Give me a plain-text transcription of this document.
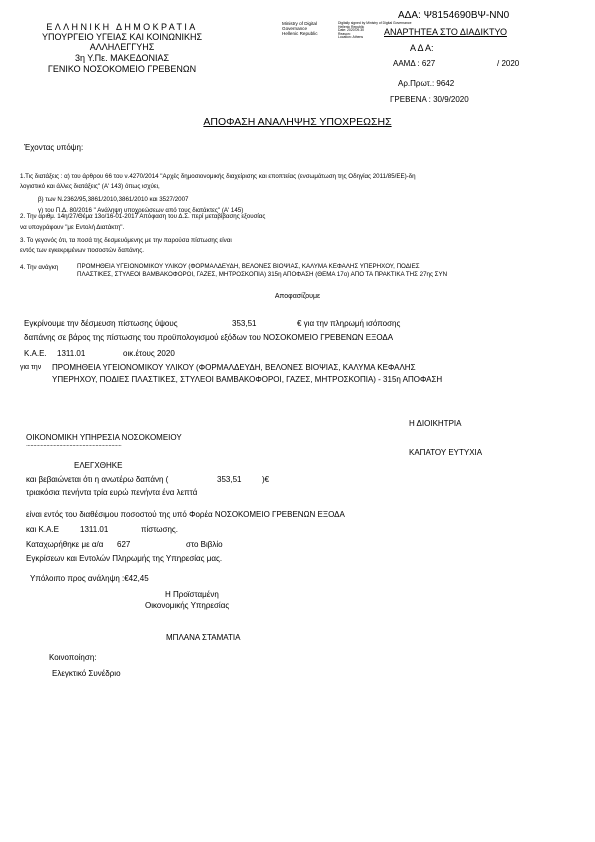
ΕΛΛΗΝΙΚΗ ΔΗΜΟΚΡΑΤΙΑ
ΥΠΟΥΡΓΕΙΟ ΥΓΕΙΑΣ ΚΑΙ ΚΟΙΝΩΝΙΚΗΣ
ΑΛΛΗΛΕΓΓΥΗΣ
3η Υ.Πε. ΜΑΚΕΔΟΝΙΑΣ
ΓΕΝΙΚΟ ΝΟΣΟΚΟΜΕΙΟ ΓΡΕΒΕΝΩΝ
Ministry of Digital
Governance
Hellenic Republic
Digitally signed by Ministry of Digital Governance
Hellenic Republic
Date: 2020.09.30
Reason:
Location: Athens
ΑΔΑ: Ψ8154690ΒΨ-ΝΝ0
ΑΝΑΡΤΗΤΕΑ ΣΤΟ ΔΙΑΔΙΚΤΥΟ
Α Δ Α:
ΑΑΜΔ : 627	/ 2020
Αρ.Πρωτ.: 9642
ΓΡΕΒΕΝΑ : 30/9/2020
ΑΠΟΦΑΣΗ ΑΝΑΛΗΨΗΣ ΥΠΟΧΡΕΩΣΗΣ
Έχοντας υπόψη:
1.Τις διατάξεις : α) του άρθρου 66 του ν.4270/2014 "Αρχές δημοσιονομικής διαχείρισης και εποπτείας (ενσωμάτωση της Οδηγίας 2011/85/ΕΕ)-δη
λογιστικό και άλλες διατάξεις" (Α' 143) όπως ισχύει,
β) των Ν.2362/95,3861/2010,3861/2010 και 3527/2007
γ) του Π.Δ. 80/2016 " Ανάληψη υποχρεώσεων από τους διατάκτες" (Α' 145)
2. Την αριθμ. 14η/27/Θέμα 13ο/16-01-2017 Απόφαση του Δ.Σ. περί μεταβίβασης εξουσίας
να υπογράφουν "με Εντολή Διατάκτη".
3. Το γεγονός ότι, τα ποσά της δεσμευόμενης με την παρούσα πίστωσης είναι
εντός των εγκεκριμένων ποσοστών δαπάνης.
4. Την ανάγκη	ΠΡΟΜΗΘΕΙΑ ΥΓΕΙΟΝΟΜΙΚΟΥ ΥΛΙΚΟΥ (ΦΟΡΜΑΛΔΕΥΔΗ, ΒΕΛΟΝΕΣ ΒΙΟΨΙΑΣ, ΚΑΛΥΜΑ ΚΕΦΑΛΗΣ ΥΠΕΡΗΧΟΥ, ΠΟΔΙΕΣ
ΠΛΑΣΤΙΚΕΣ, ΣΤΥΛΕΟΙ ΒΑΜΒΑΚΟΦΟΡΟΙ, ΓΑΖΕΣ, ΜΗΤΡΟΣΚΟΠΙΑ) 315η ΑΠΟΦΑΣΗ (ΘΕΜΑ 17ο) ΑΠΟ ΤΑ ΠΡΑΚΤΙΚΑ ΤΗΣ 27ης ΣΥΝ
Αποφασίζουμε
Εγκρίνουμε την δέσμευση πίστωσης ύψους	353,51	€ για την πληρωμή ισόποσης
δαπάνης σε βάρος της πίστωσης του προϋπολογισμού εξόδων του ΝΟΣΟΚΟΜΕΙΟ ΓΡΕΒΕΝΩΝ ΕΞΟΔΑ
Κ.Α.Ε. 1311.01	οικ.έτους 2020
για την ΠΡΟΜΗΘΕΙΑ ΥΓΕΙΟΝΟΜΙΚΟΥ ΥΛΙΚΟΥ (ΦΟΡΜΑΛΔΕΥΔΗ, ΒΕΛΟΝΕΣ ΒΙΟΨΙΑΣ, ΚΑΛΥΜΑ ΚΕΦΑΛΗΣ
ΥΠΕΡΗΧΟΥ, ΠΟΔΙΕΣ ΠΛΑΣΤΙΚΕΣ, ΣΤΥΛΕΟΙ ΒΑΜΒΑΚΟΦΟΡΟΙ, ΓΑΖΕΣ, ΜΗΤΡΟΣΚΟΠΙΑ) - 315η ΑΠΟΦΑΣΗ
Η ΔΙΟΙΚΗΤΡΙΑ
ΚΑΠΑΤΟΥ ΕΥΤΥΧΙΑ
ΟΙΚΟΝΟΜΙΚΗ ΥΠΗΡΕΣΙΑ ΝΟΣΟΚΟΜΕΙΟΥ
..................................................................
ΕΛΕΓΧΘΗΚΕ
και βεβαιώνεται ότι η ανωτέρω δαπάνη (	353,51	)€
τριακόσια πενήντα τρία ευρώ πενήντα ένα λεπτά
είναι εντός του διαθέσιμου ποσοστού της υπό Φορέα ΝΟΣΟΚΟΜΕΙΟ ΓΡΕΒΕΝΩΝ ΕΞΟΔΑ
και Κ.Α.Ε	1311.01	πίστωσης.
Καταχωρήθηκε με α/α 627	στο Βιβλίο
Εγκρίσεων και Εντολών Πληρωμής της Υπηρεσίας μας.
Υπόλοιπο προς ανάληψη :€42,45
Η Προϊσταμένη
Οικονομικής Υπηρεσίας
ΜΠΛΑΝΑ ΣΤΑΜΑΤΙΑ
Κοινοποίηση:
Ελεγκτικό Συνέδριο
